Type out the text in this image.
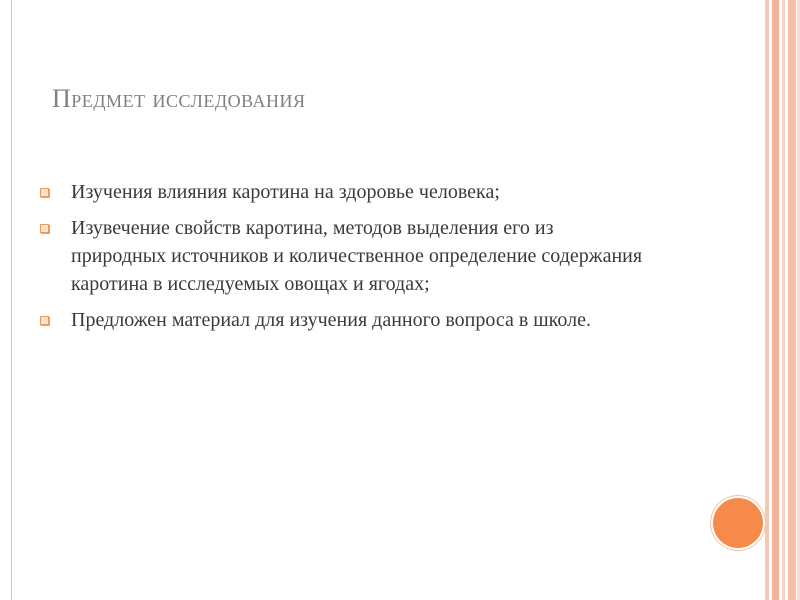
Предмет исследования
Изучения влияния каротина на здоровье человека;
Изувечение свойств каротина, методов выделения его из природных источников и количественное определение содержания каротина в исследуемых овощах и ягодах;
Предложен материал для изучения данного вопроса в школе.
